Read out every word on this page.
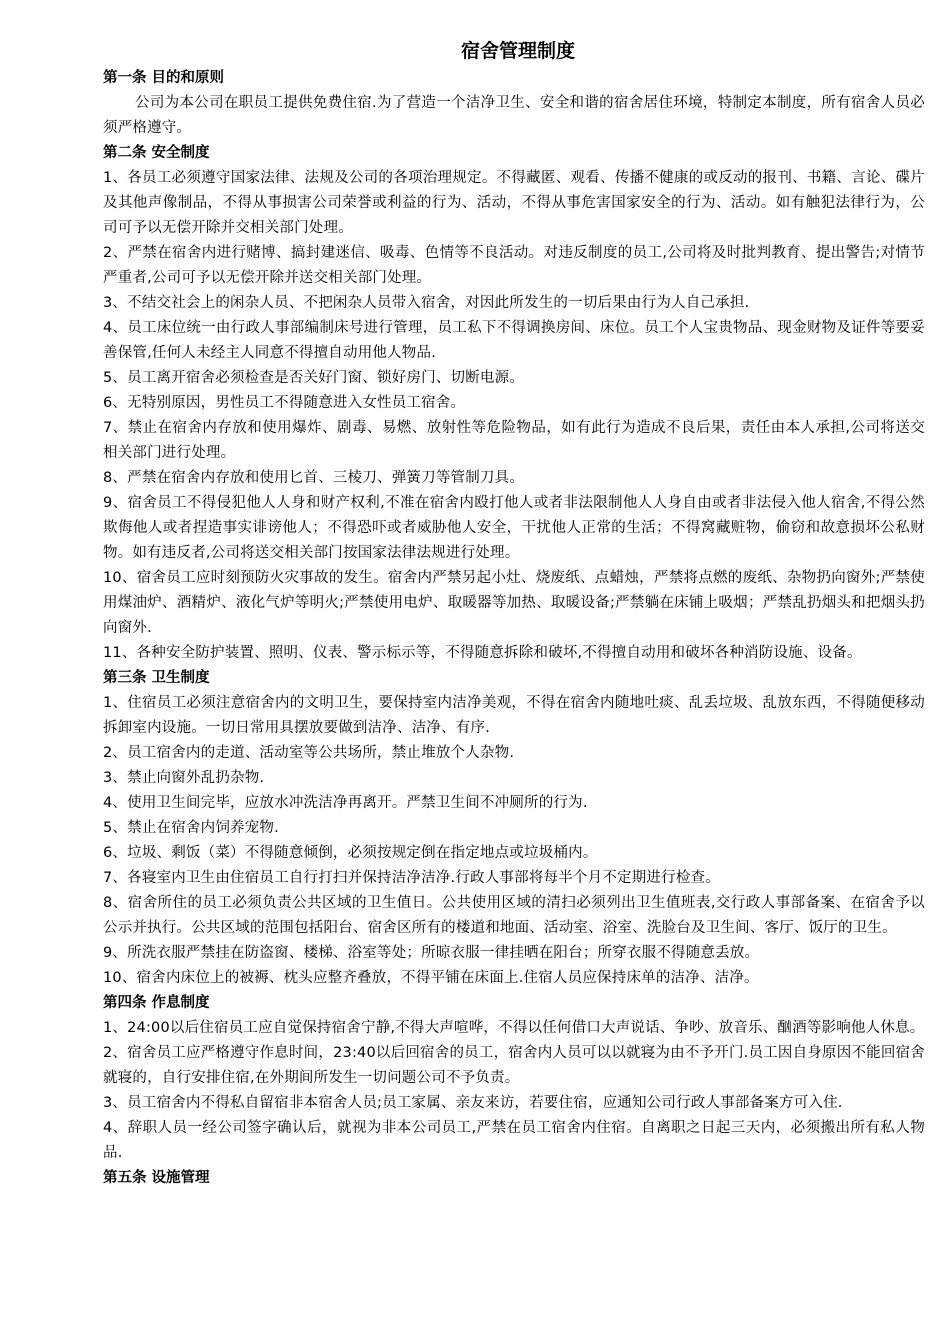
宿舍管理制度

第一条 目的和原则

公司为本公司在职员工提供免费住宿.为了营造一个洁净卫生、安全和谐的宿舍居住环境，特制定本制度，所有宿舍人员必须严格遵守。

第二条 安全制度

1、各员工必须遵守国家法律、法规及公司的各项治理规定。不得藏匿、观看、传播不健康的或反动的报刊、书籍、言论、碟片及其他声像制品，不得从事损害公司荣誉或利益的行为、活动，不得从事危害国家安全的行为、活动。如有触犯法律行为，公司可予以无偿开除并交相关部门处理。

2、严禁在宿舍内进行赌博、搞封建迷信、吸毒、色情等不良活动。对违反制度的员工,公司将及时批判教育、提出警告;对情节严重者,公司可予以无偿开除并送交相关部门处理。

3、不结交社会上的闲杂人员、不把闲杂人员带入宿舍，对因此所发生的一切后果由行为人自己承担.

4、员工床位统一由行政人事部编制床号进行管理，员工私下不得调换房间、床位。员工个人宝贵物品、现金财物及证件等要妥善保管,任何人未经主人同意不得擅自动用他人物品.

5、员工离开宿舍必须检查是否关好门窗、锁好房门、切断电源。

6、无特别原因，男性员工不得随意进入女性员工宿舍。

7、禁止在宿舍内存放和使用爆炸、剧毒、易燃、放射性等危险物品，如有此行为造成不良后果，责任由本人承担,公司将送交相关部门进行处理。

8、严禁在宿舍内存放和使用匕首、三棱刀、弹簧刀等管制刀具。

9、宿舍员工不得侵犯他人人身和财产权利,不准在宿舍内殴打他人或者非法限制他人人身自由或者非法侵入他人宿舍,不得公然欺侮他人或者捏造事实诽谤他人；不得恐吓或者威胁他人安全，干扰他人正常的生活；不得窝藏赃物，偷窃和故意损坏公私财物。如有违反者,公司将送交相关部门按国家法律法规进行处理。

10、宿舍员工应时刻预防火灾事故的发生。宿舍内严禁另起小灶、烧废纸、点蜡烛，严禁将点燃的废纸、杂物扔向窗外;严禁使用煤油炉、酒精炉、液化气炉等明火;严禁使用电炉、取暖器等加热、取暖设备;严禁躺在床铺上吸烟；严禁乱扔烟头和把烟头扔向窗外.

11、各种安全防护装置、照明、仪表、警示标示等，不得随意拆除和破坏,不得擅自动用和破坏各种消防设施、设备。

第三条 卫生制度

1、住宿员工必须注意宿舍内的文明卫生，要保持室内洁净美观，不得在宿舍内随地吐痰、乱丢垃圾、乱放东西，不得随便移动拆卸室内设施。一切日常用具摆放要做到洁净、洁净、有序.

2、员工宿舍内的走道、活动室等公共场所，禁止堆放个人杂物.

3、禁止向窗外乱扔杂物.

4、使用卫生间完毕，应放水冲洗洁净再离开。严禁卫生间不冲厕所的行为.

5、禁止在宿舍内饲养宠物.

6、垃圾、剩饭（菜）不得随意倾倒，必须按规定倒在指定地点或垃圾桶内。

7、各寝室内卫生由住宿员工自行打扫并保持洁净洁净.行政人事部将每半个月不定期进行检查。

8、宿舍所住的员工必须负责公共区域的卫生值日。公共使用区域的清扫必须列出卫生值班表,交行政人事部备案、在宿舍予以公示并执行。公共区域的范围包括阳台、宿舍区所有的楼道和地面、活动室、浴室、洗脸台及卫生间、客厅、饭厅的卫生。

9、所洗衣服严禁挂在防盗窗、楼梯、浴室等处；所晾衣服一律挂晒在阳台；所穿衣服不得随意丢放。

10、宿舍内床位上的被褥、枕头应整齐叠放，不得平铺在床面上.住宿人员应保持床单的洁净、洁净。

第四条 作息制度

1、24:00以后住宿员工应自觉保持宿舍宁静,不得大声喧哗，不得以任何借口大声说话、争吵、放音乐、酗酒等影响他人休息。

2、宿舍员工应严格遵守作息时间，23:40以后回宿舍的员工，宿舍内人员可以以就寝为由不予开门.员工因自身原因不能回宿舍就寝的，自行安排住宿,在外期间所发生一切问题公司不予负责。

3、员工宿舍内不得私自留宿非本宿舍人员;员工家属、亲友来访，若要住宿，应通知公司行政人事部备案方可入住.

4、辞职人员一经公司签字确认后，就视为非本公司员工,严禁在员工宿舍内住宿。自离职之日起三天内，必须搬出所有私人物品.

第五条 设施管理
